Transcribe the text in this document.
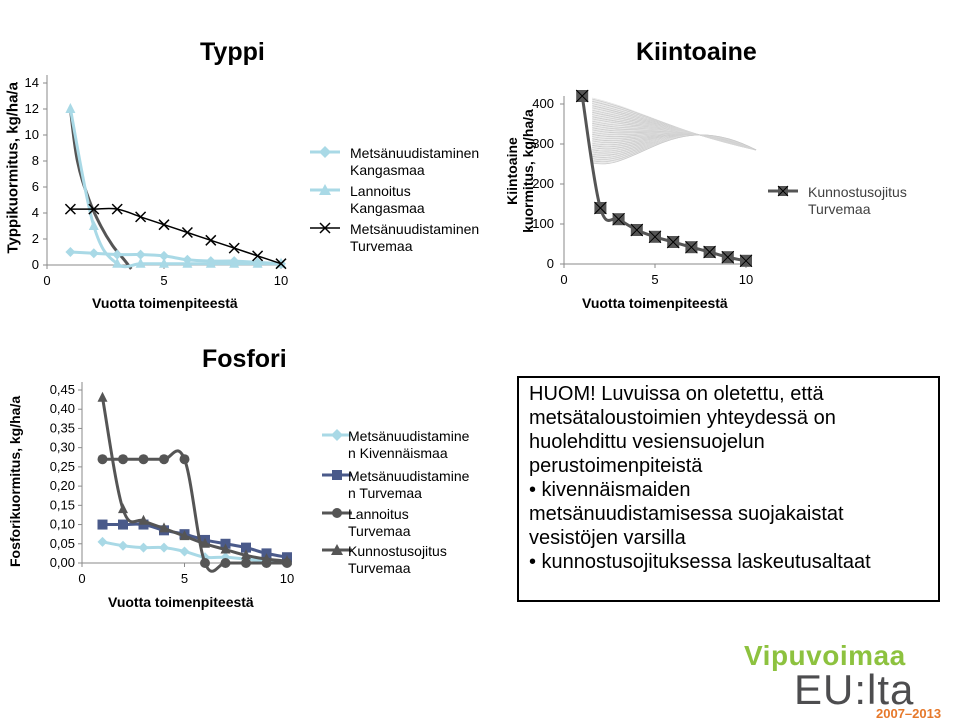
Typpi
Typpikuormitus, kg/ha/a
0
2
4
6
8
10
12
14
0	5	10
0
100
200
300
400
0	5	10
Vuotta toimenpiteestä
Metsänuudistaminen
Kangasmaa
Lannoitus
Kangasmaa
Metsänuudistaminen
Turvemaa
Kiintoaine
Kiintoaine kuormitus, kg/ha/a
Vuotta toimenpiteestä
Kunnostusojitus
Turvemaa
Fosfori
Fosforikuormitus, kg/ha/a 0,00
0,05
0,10
0,15
0,20
0,25
0,30
0,35
0,40
0,45
0	5	10
Vuotta toimenpiteestä
Metsänuudistamine
n Kivennäismaa
Metsänuudistamine
n Turvemaa
Lannoitus Turvemaa
Kunnostusojitus
Turvemaa
HUOM! Luvuissa on oletettu, että
metsätaloustoimien yhteydessä on
huolehdittu vesiensuojelun
perustoimenpiteistä
• kivennäismaiden
metsänuudistamisessa suojakaistat
vesistöjen varsilla
• kunnostusojituksessa laskeutusaltaat
Vipuvoimaa
EU:lta
2007–2013
